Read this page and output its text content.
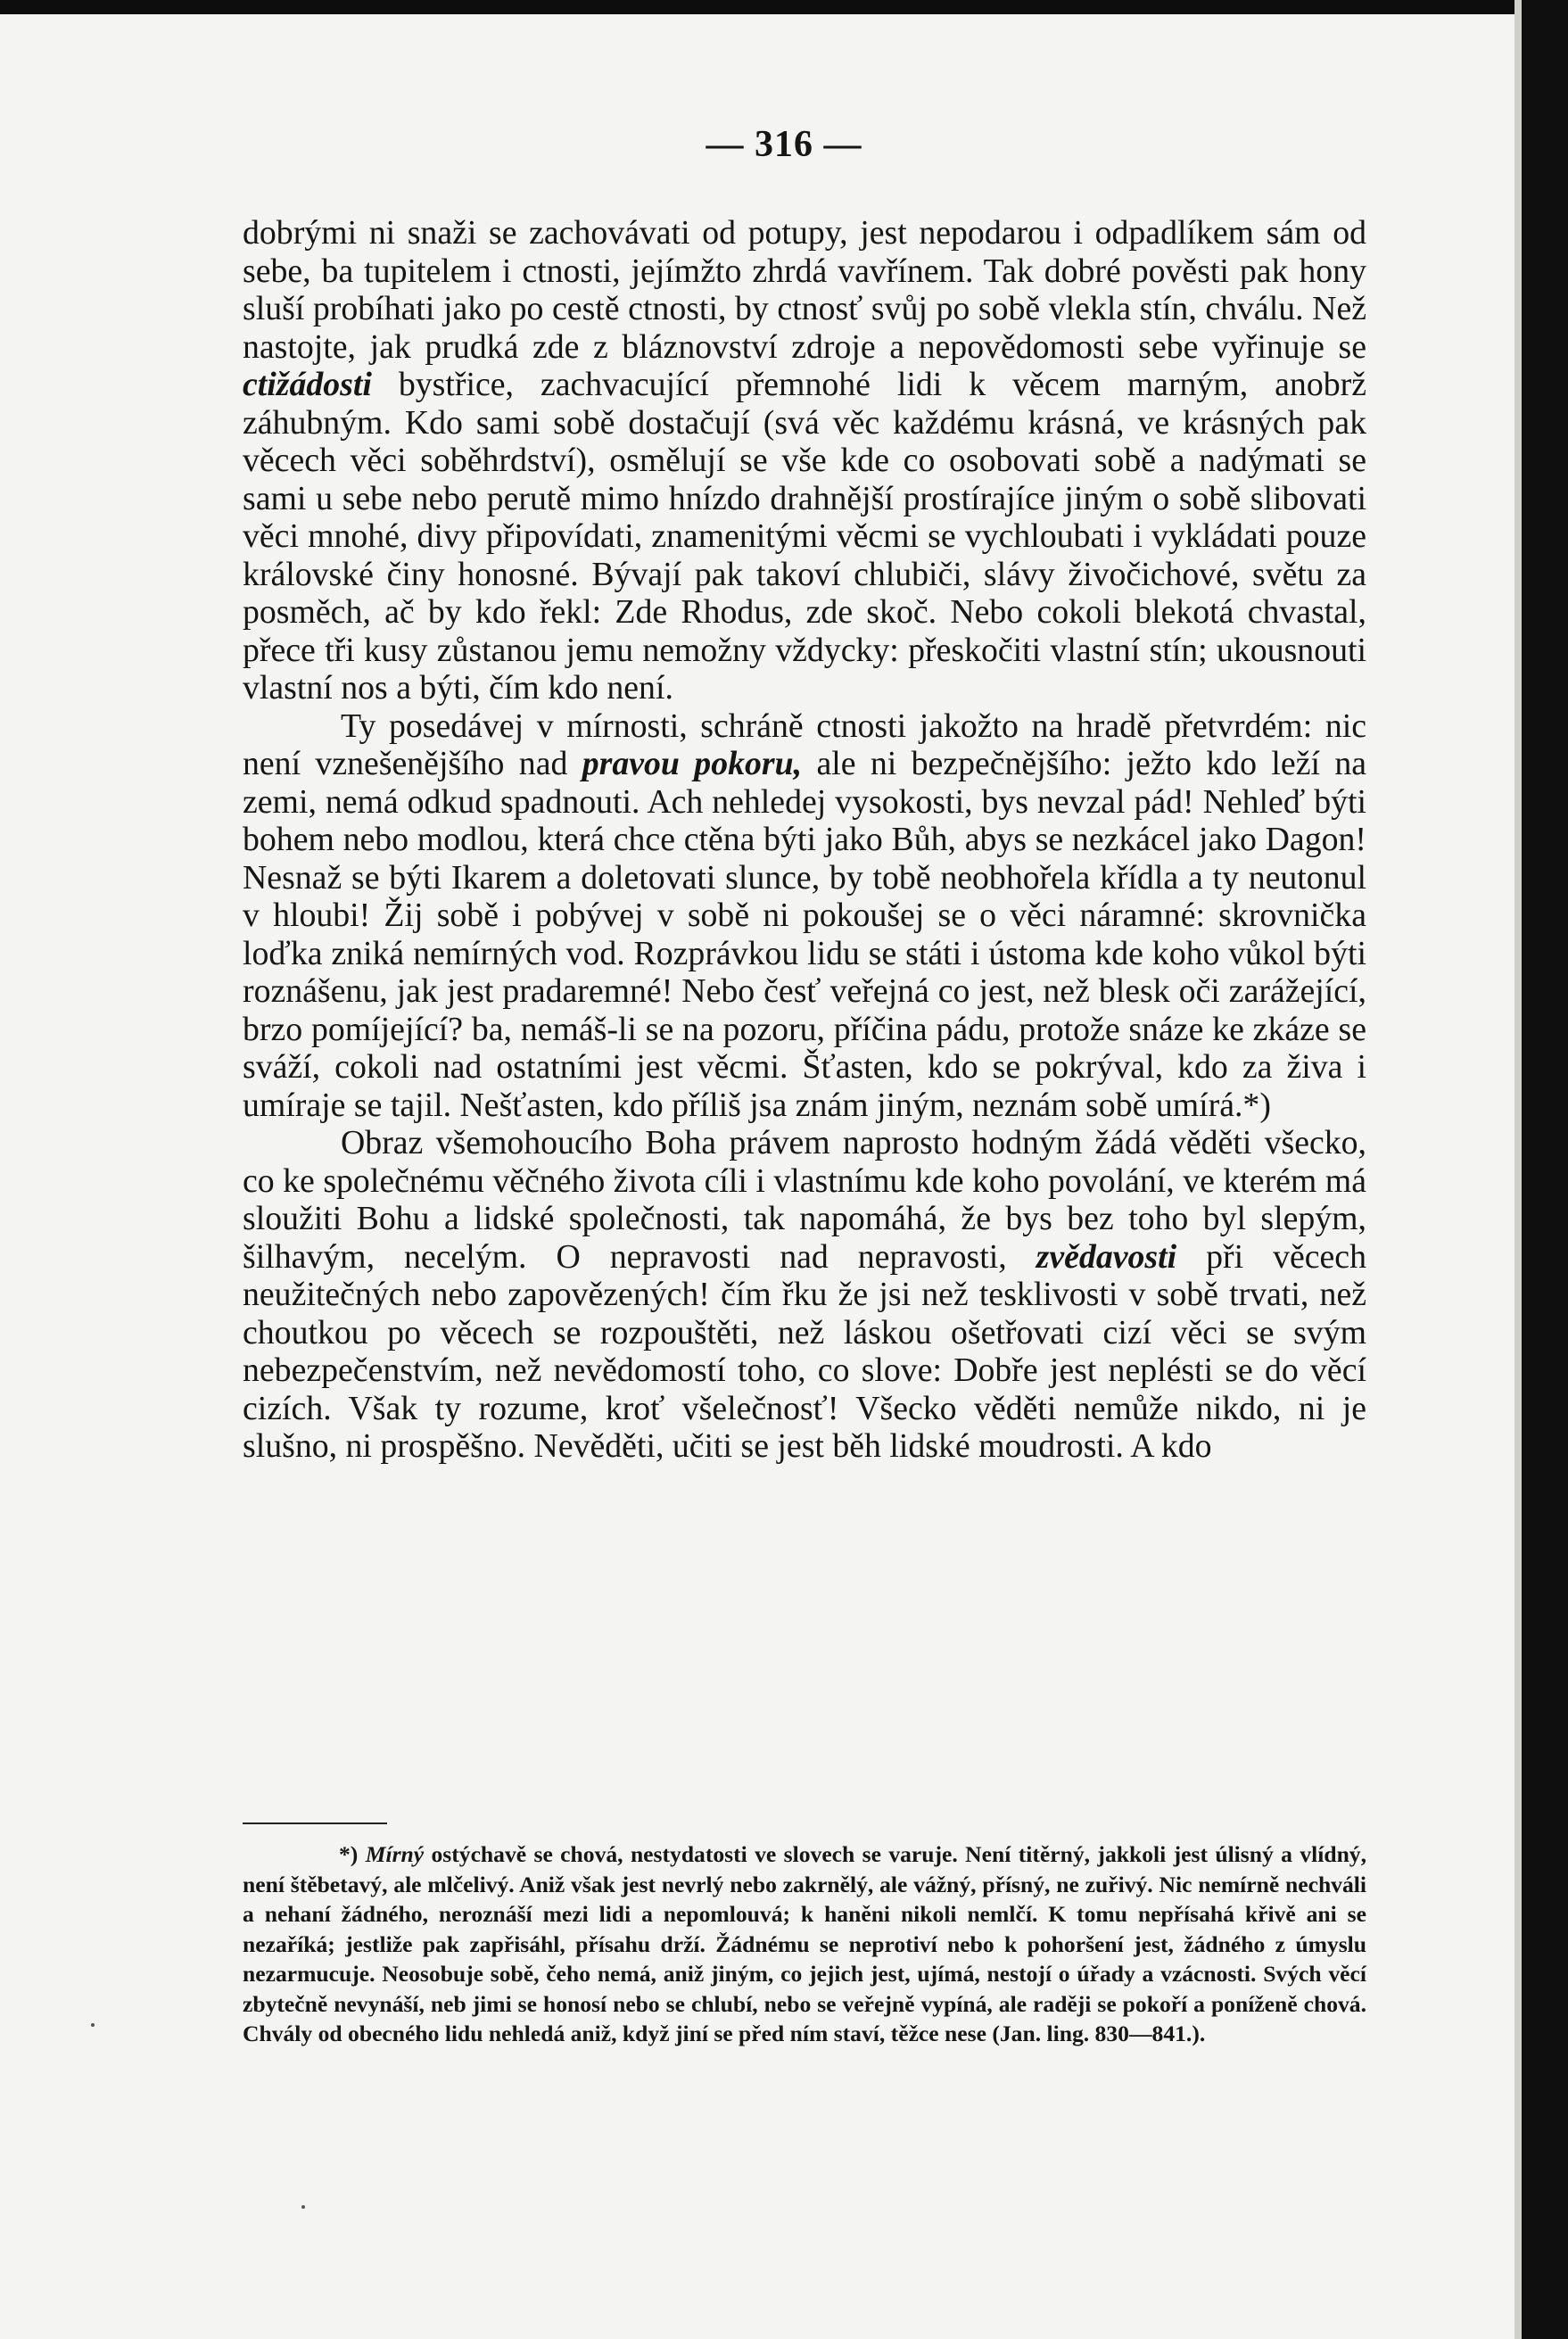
— 316 —

dobrými ni snaži se zachovávati od potupy, jest nepodarou i odpadlíkem sám od sebe, ba tupitelem i ctnosti, jejímžto zhrdá vavřínem. Tak dobré pověsti pak hony sluší probíhati jako po cestě ctnosti, by ctnosť svůj po sobě vlekla stín, chválu. Než nastojte, jak prudká zde z bláznovství zdroje a nepovědomosti sebe vyřinuje se ctižádosti bystřice, zachvacující přemnohé lidi k věcem marným, anobrž záhubným. Kdo sami sobě dostačují (svá věc každému krásná, ve krásných pak věcech věci soběhrdství), osmělují se vše kde co osobovati sobě a nadýmati se sami u sebe nebo perutě mimo hnízdo drahnější prostírajíce jiným o sobě slibovati věci mnohé, divy připovídati, znamenitými věcmi se vychloubati i vykládati pouze královské činy honosné. Bývají pak takoví chlubiči, slávy živočichové, světu za posměch, ač by kdo řekl: Zde Rhodus, zde skoč. Nebo cokoli blekotá chvastal, přece tři kusy zůstanou jemu nemožny vždycky: přeskočiti vlastní stín; ukousnouti vlastní nos a býti, čím kdo není.

Ty posedávej v mírnosti, schráně ctnosti jakožto na hradě přetvrdém: nic není vznešenějšího nad pravou pokoru, ale ni bezpečnějšího: ježto kdo leží na zemi, nemá odkud spadnouti. Ach nehledej vysokosti, bys nevzal pád! Nehleď býti bohem nebo modlou, která chce ctěna býti jako Bůh, abys se nezkácel jako Dagon! Nesnaž se býti Ikarem a doletovati slunce, by tobě neobhořela křídla a ty neutonul v hloubi! Žij sobě i pobývej v sobě ni pokoušej se o věci náramné: skrovnička loďka zniká nemírných vod. Rozprávkou lidu se státi i ústoma kde koho vůkol býti roznášenu, jak jest pradaremné! Nebo česť veřejná co jest, než blesk oči zarážející, brzo pomíjející? ba, nemáš-li se na pozoru, příčina pádu, protože snáze ke zkáze se sváží, cokoli nad ostatními jest věcmi. Šťasten, kdo se pokrýval, kdo za živa i umíraje se tajil. Nešťasten, kdo příliš jsa znám jiným, neznám sobě umírá.*)

Obraz všemohoucího Boha právem naprosto hodným žádá věděti všecko, co ke společnému věčného života cíli i vlastnímu kde koho povolání, ve kterém má sloužiti Bohu a lidské společnosti, tak napomáhá, že bys bez toho byl slepým, šilhavým, necelým. O nepravosti nad nepravosti, zvědavosti při věcech neužitečných nebo zapovězených! čím řku že jsi než tesklivosti v sobě trvati, než choutkou po věcech se rozpouštěti, než láskou ošetřovati cizí věci se svým nebezpečenstvím, než nevědomostí toho, co slove: Dobře jest neplésti se do věcí cizích. Však ty rozume, kroť všelečnosť! Všecko věděti nemůže nikdo, ni je slušno, ni prospěšno. Nevěděti, učiti se jest běh lidské moudrosti. A kdo

*) Mírný ostýchavě se chová, nestydatosti ve slovech se varuje. Není titěrný, jakkoli jest úlisný a vlídný, není štěbetavý, ale mlčelivý. Aniž však jest nevrlý nebo zakrnělý, ale vážný, přísný, ne zuřivý. Nic nemírně nechváli a nehaní žádného, neroznáší mezi lidi a nepomlouvá; k haněni nikoli nemlčí. K tomu nepřísahá křivě ani se nezaříká; jestliže pak zapřisáhl, přísahu drží. Žádnému se neprotiví nebo k pohoršení jest, žádného z úmyslu nezarmucuje. Neosobuje sobě, čeho nemá, aniž jiným, co jejich jest, ujímá, nestojí o úřady a vzácnosti. Svých věcí zbytečně nevynáší, neb jimi se honosí nebo se chlubí, nebo se veřejně vypíná, ale raději se pokoří a poníženě chová. Chvály od obecného lidu nehledá aniž, když jiní se před ním staví, těžce nese (Jan. ling. 830—841.).
